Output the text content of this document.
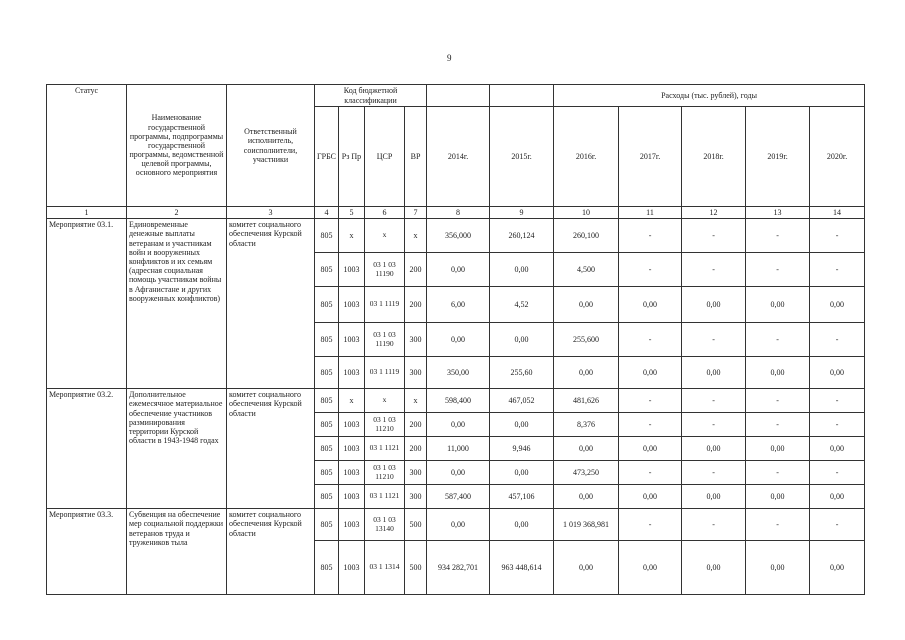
9
Статус	Наименование государственной программы, подпрограммы государственной программы, ведомственной целевой программы, основного мероприятия	Ответственный исполнитель, соисполнители, участники	Код бюджетной классификации						Расходы (тыс. рублей), годы				
			ГРБС	Рз Пр	ЦСР	ВР	2014г.	2015г.	2016г.	2017г.	2018г.	2019г.	2020г.
1	2	3	4	5	6	7	8	9	10	11	12	13	14
Мероприятие 03.1.	Единовременные денежные выплаты ветеранам и участникам войн и вооруженных конфликтов и их семьям (адресная социальная помощь участникам войны в Афганистане и других вооруженных конфликтов)	комитет социального обеспечения Курской области	805	х	х	х	356,000	260,124	260,100	-	-	-	-
			805	1003	03 1 03 11190	200	0,00	0,00	4,500	-	-	-	-
			805	1003	03 1 1119	200	6,00	4,52	0,00	0,00	0,00	0,00	0,00
			805	1003	03 1 03 11190	300	0,00	0,00	255,600	-	-	-	-
			805	1003	03 1 1119	300	350,00	255,60	0,00	0,00	0,00	0,00	0,00
Мероприятие 03.2.	Дополнительное ежемесячное материальное обеспечение участников разминирования территории Курской области в 1943-1948 годах	комитет социального обеспечения Курской области	805	х	х	х	598,400	467,052	481,626	-	-	-	-
			805	1003	03 1 03 11210	200	0,00	0,00	8,376	-	-	-	-
			805	1003	03 1 1121	200	11,000	9,946	0,00	0,00	0,00	0,00	0,00
			805	1003	03 1 03 11210	300	0,00	0,00	473,250	-	-	-	-
			805	1003	03 1 1121	300	587,400	457,106	0,00	0,00	0,00	0,00	0,00
Мероприятие 03.3.	Субвенция на обеспечение мер социальной поддержки ветеранов труда и тружеников тыла	комитет социального обеспечения Курской области	805	1003	03 1 03 13140	500	0,00	0,00	1 019 368,981	-	-	-	-
			805	1003	03 1 1314	500	934 282,701	963 448,614	0,00	0,00	0,00	0,00	0,00
